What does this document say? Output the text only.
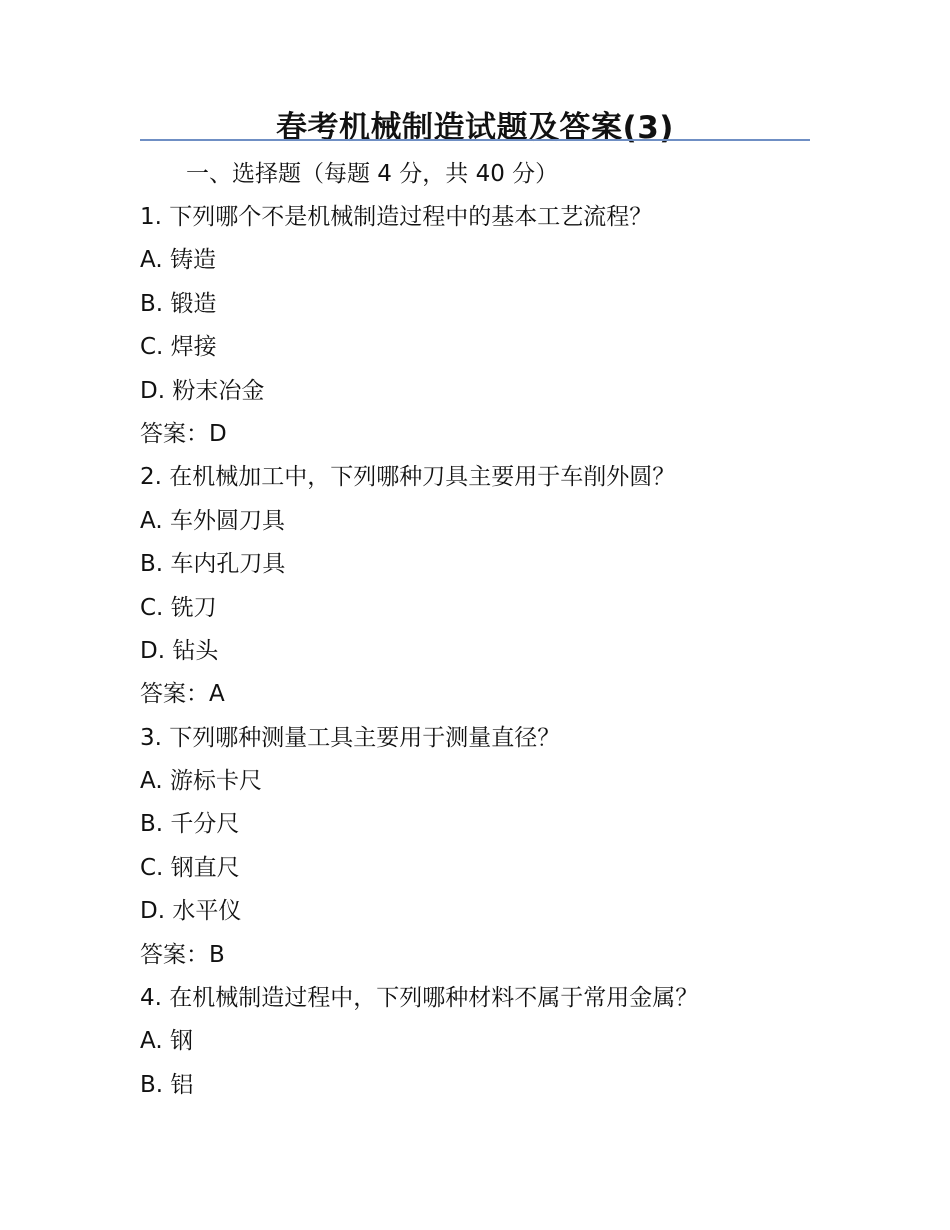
春考机械制造试题及答案(3)
一、选择题（每题 4 分，共 40 分）
1. 下列哪个不是机械制造过程中的基本工艺流程？
A. 铸造
B. 锻造
C. 焊接
D. 粉末冶金
答案：D
2. 在机械加工中，下列哪种刀具主要用于车削外圆？
A. 车外圆刀具
B. 车内孔刀具
C. 铣刀
D. 钻头
答案：A
3. 下列哪种测量工具主要用于测量直径？
A. 游标卡尺
B. 千分尺
C. 钢直尺
D. 水平仪
答案：B
4. 在机械制造过程中，下列哪种材料不属于常用金属？
A. 钢
B. 铝
